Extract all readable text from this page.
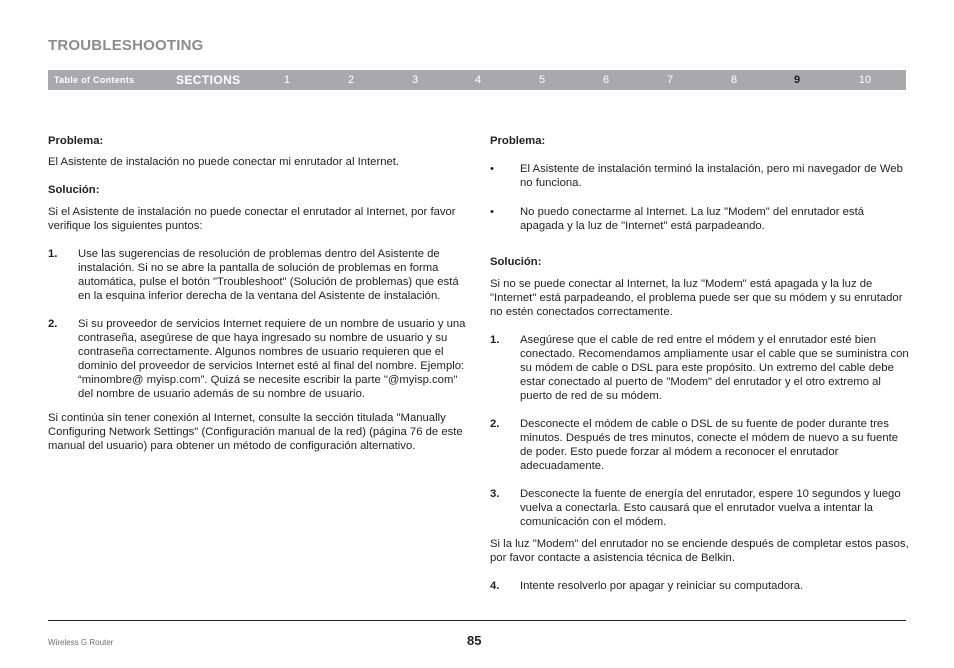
TROUBLESHOOTING
Table of Contents	SECTIONS	1	2	3	4	5	6	7	8	9	10

Problema:

El Asistente de instalación no puede conectar mi enrutador al Internet.

Solución:

Si el Asistente de instalación no puede conectar el enrutador al Internet, por favor verifique los siguientes puntos:

1. Use las sugerencias de resolución de problemas dentro del Asistente de instalación. Si no se abre la pantalla de solución de problemas en forma automática, pulse el botón "Troubleshoot" (Solución de problemas) que está en la esquina inferior derecha de la ventana del Asistente de instalación.
2. Si su proveedor de servicios Internet requiere de un nombre de usuario y una contraseña, asegúrese de que haya ingresado su nombre de usuario y su contraseña correctamente. Algunos nombres de usuario requieren que el dominio del proveedor de servicios Internet esté al final del nombre. Ejemplo: “minombre@ myisp.com”. Quizá se necesite escribir la parte "@myisp.com" del nombre de usuario además de su nombre de usuario.

Si continúa sin tener conexión al Internet, consulte la sección titulada "Manually Configuring Network Settings" (Configuración manual de la red) (página 76 de este manual del usuario) para obtener un método de configuración alternativo.

Problema:

• El Asistente de instalación terminó la instalación, pero mi navegador de Web no funciona.
• No puedo conectarme al Internet. La luz "Modem" del enrutador está apagada y la luz de "Internet" está parpadeando.

Solución:

Si no se puede conectar al Internet, la luz "Modem" está apagada y la luz de "Internet" está parpadeando, el problema puede ser que su módem y su enrutador no estén conectados correctamente.

1. Asegúrese que el cable de red entre el módem y el enrutador esté bien conectado. Recomendamos ampliamente usar el cable que se suministra con su módem de cable o DSL para este propósito. Un extremo del cable debe estar conectado al puerto de "Modem" del enrutador y el otro extremo al puerto de red de su módem.
2. Desconecte el módem de cable o DSL de su fuente de poder durante tres minutos. Después de tres minutos, conecte el módem de nuevo a su fuente de poder. Esto puede forzar al módem a reconocer el enrutador adecuadamente.
3. Desconecte la fuente de energía del enrutador, espere 10 segundos y luego vuelva a conectarla. Esto causará que el enrutador vuelva a intentar la comunicación con el módem.

Si la luz "Modem" del enrutador no se enciende después de completar estos pasos, por favor contacte a asistencia técnica de Belkin.

4. Intente resolverlo por apagar y reiniciar su computadora.
Wireless G Router	85
